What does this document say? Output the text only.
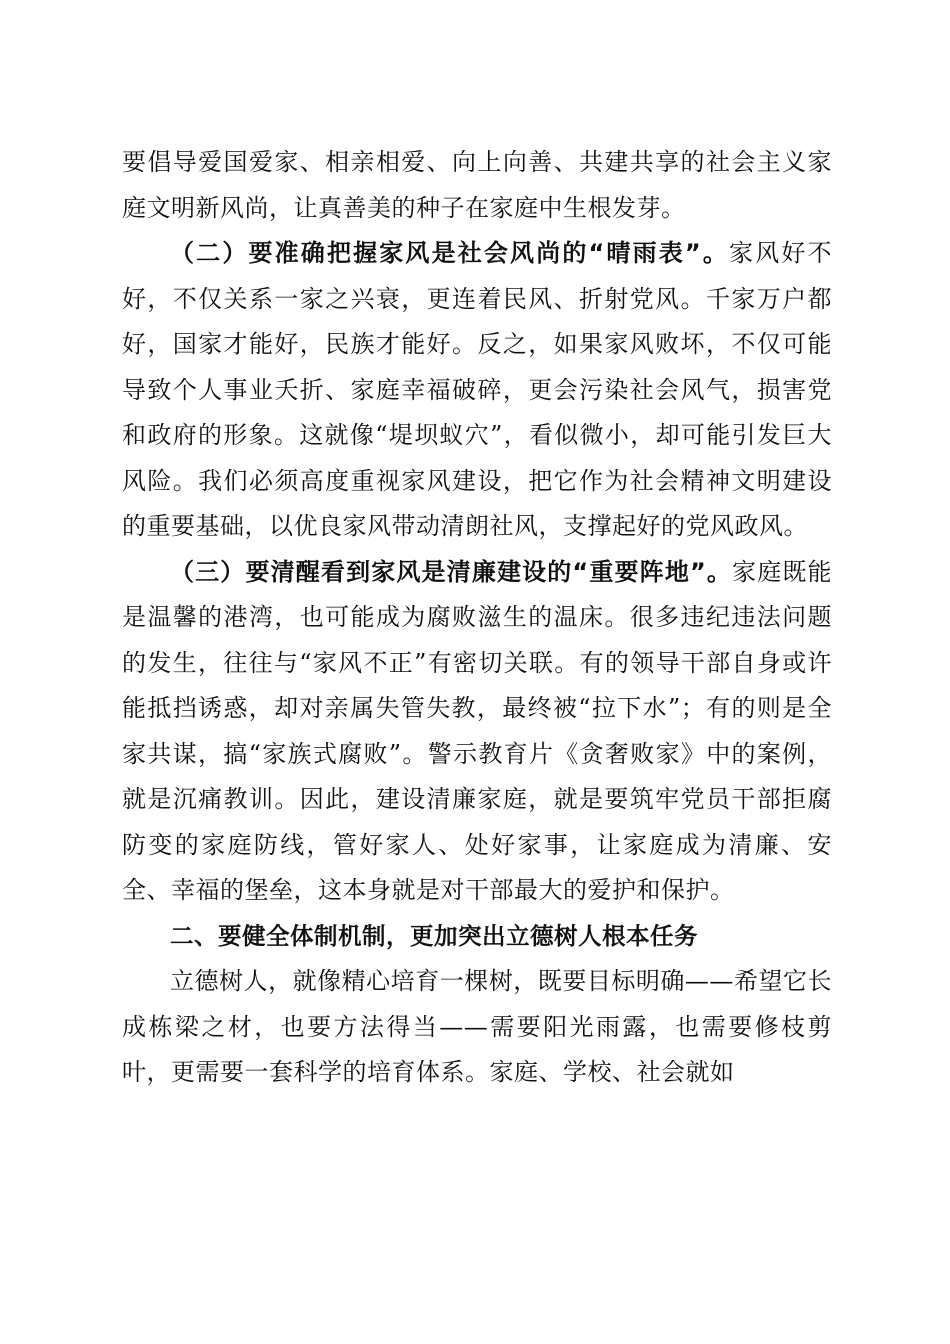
要倡导爱国爱家、相亲相爱、向上向善、共建共享的社会主义家庭文明新风尚，让真善美的种子在家庭中生根发芽。

（二）要准确把握家风是社会风尚的“晴雨表”。家风好不好，不仅关系一家之兴衰，更连着民风、折射党风。千家万户都好，国家才能好，民族才能好。反之，如果家风败坏，不仅可能导致个人事业夭折、家庭幸福破碎，更会污染社会风气，损害党和政府的形象。这就像“堤坝蚁穴”，看似微小，却可能引发巨大风险。我们必须高度重视家风建设，把它作为社会精神文明建设的重要基础，以优良家风带动清朗社风，支撑起好的党风政风。

（三）要清醒看到家风是清廉建设的“重要阵地”。家庭既能是温馨的港湾，也可能成为腐败滋生的温床。很多违纪违法问题的发生，往往与“家风不正”有密切关联。有的领导干部自身或许能抵挡诱惑，却对亲属失管失教，最终被“拉下水”；有的则是全家共谋，搞“家族式腐败”。警示教育片《贪奢败家》中的案例，就是沉痛教训。因此，建设清廉家庭，就是要筑牢党员干部拒腐防变的家庭防线，管好家人、处好家事，让家庭成为清廉、安全、幸福的堡垒，这本身就是对干部最大的爱护和保护。

二、要健全体制机制，更加突出立德树人根本任务

立德树人，就像精心培育一棵树，既要目标明确——希望它长成栋梁之材，也要方法得当——需要阳光雨露，也需要修枝剪叶，更需要一套科学的培育体系。家庭、学校、社会就如
